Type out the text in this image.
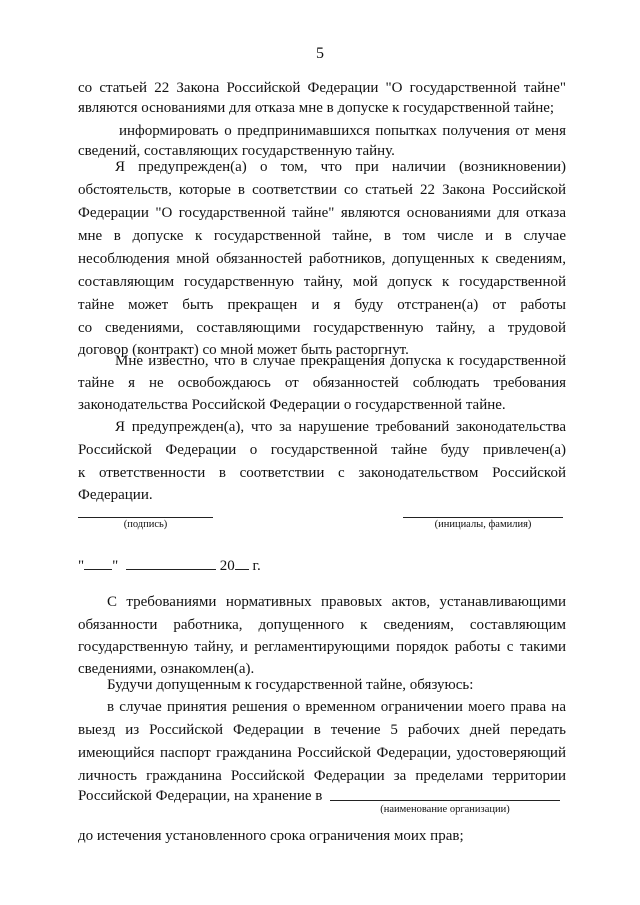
5
со статьей 22 Закона Российской Федерации "О государственной тайне"
являются основаниями для отказа мне в допуске к государственной тайне;
информировать о предпринимавшихся попытках получения от меня
сведений, составляющих государственную тайну.
Я предупрежден(а) о том, что при наличии (возникновении)
обстоятельств, которые в соответствии со статьей 22 Закона Российской
Федерации "О государственной тайне" являются основаниями для отказа
мне в допуске к государственной тайне, в том числе и в случае
несоблюдения мной обязанностей работников, допущенных к сведениям,
составляющим государственную тайну, мой допуск к государственной
тайне может быть прекращен и я буду отстранен(а) от работы
со сведениями, составляющими государственную тайну, а трудовой
договор (контракт) со мной может быть расторгнут.
Мне известно, что в случае прекращения допуска к государственной
тайне я не освобождаюсь от обязанностей соблюдать требования
законодательства Российской Федерации о государственной тайне.
Я предупрежден(а), что за нарушение требований законодательства
Российской Федерации о государственной тайне буду привлечен(а)
к ответственности в соответствии с законодательством Российской
Федерации.
(подпись)	(инициалы, фамилия)
" "	20 г.
С требованиями нормативных правовых актов, устанавливающими
обязанности работника, допущенного к сведениям, составляющим
государственную тайну, и регламентирующими порядок работы с такими
сведениями, ознакомлен(а).
Будучи допущенным к государственной тайне, обязуюсь:
в случае принятия решения о временном ограничении моего права на
выезд из Российской Федерации в течение 5 рабочих дней передать
имеющийся паспорт гражданина Российской Федерации, удостоверяющий
личность гражданина Российской Федерации за пределами территории
Российской Федерации, на хранение в
(наименование организации)
до истечения установленного срока ограничения моих прав;
